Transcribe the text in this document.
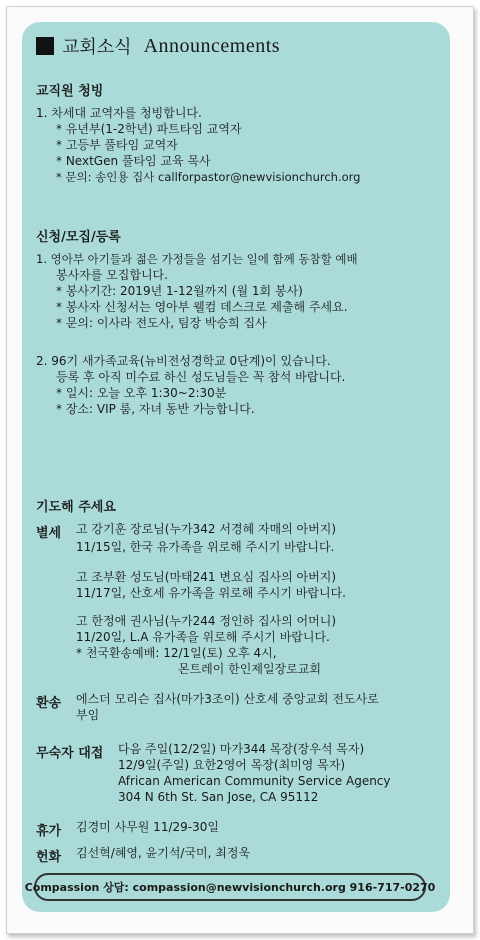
교회소식 Announcements
교직원 청빙
1. 차세대 교역자를 청빙합니다.
* 유년부(1-2학년) 파트타임 교역자
* 고등부 풀타임 교역자
* NextGen 풀타임 교육 목사
* 문의: 송인용 집사 callforpastor@newvisionchurch.org
신청/모집/등록
1. 영아부 아기들과 젊은 가정들을 섬기는 일에 함께 동참할 예배
봉사자를 모집합니다.
* 봉사기간: 2019년 1-12월까지 (월 1회 봉사)
* 봉사자 신청서는 영아부 웰컴 데스크로 제출해 주세요.
* 문의: 이사라 전도사, 팀장 박승희 집사
2. 96기 새가족교육(뉴비전성경학교 0단계)이 있습니다.
등록 후 아직 미수료 하신 성도님들은 꼭 참석 바랍니다.
* 일시: 오늘 오후 1:30~2:30분
* 장소: VIP 룸, 자녀 동반 가능합니다.
기도해 주세요
별세 고 강기훈 장로님(누가342 서경혜 자매의 아버지)
11/15일, 한국 유가족을 위로해 주시기 바랍니다.
고 조부환 성도님(마태241 변요심 집사의 아버지)
11/17일, 산호세 유가족을 위로해 주시기 바랍니다.
고 한정애 권사님(누가244 정인하 집사의 어머니)
11/20일, L.A 유가족을 위로해 주시기 바랍니다.
* 천국환송예배: 12/1일(토) 오후 4시,
몬트레이 한인제일장로교회
환송 에스더 모리슨 집사(마가3조이) 산호세 중앙교회 전도사로
부임
무숙자 대접 다음 주일(12/2일) 마가344 목장(장우석 목자)
12/9일(주일) 요한2영어 목장(최미영 목자)
African American Community Service Agency
304 N 6th St. San Jose, CA 95112
휴가 김경미 사무원 11/29-30일
헌화 김선혁/혜영, 윤기석/국미, 최정욱
Compassion 상담: compassion@newvisionchurch.org 916-717-0270
